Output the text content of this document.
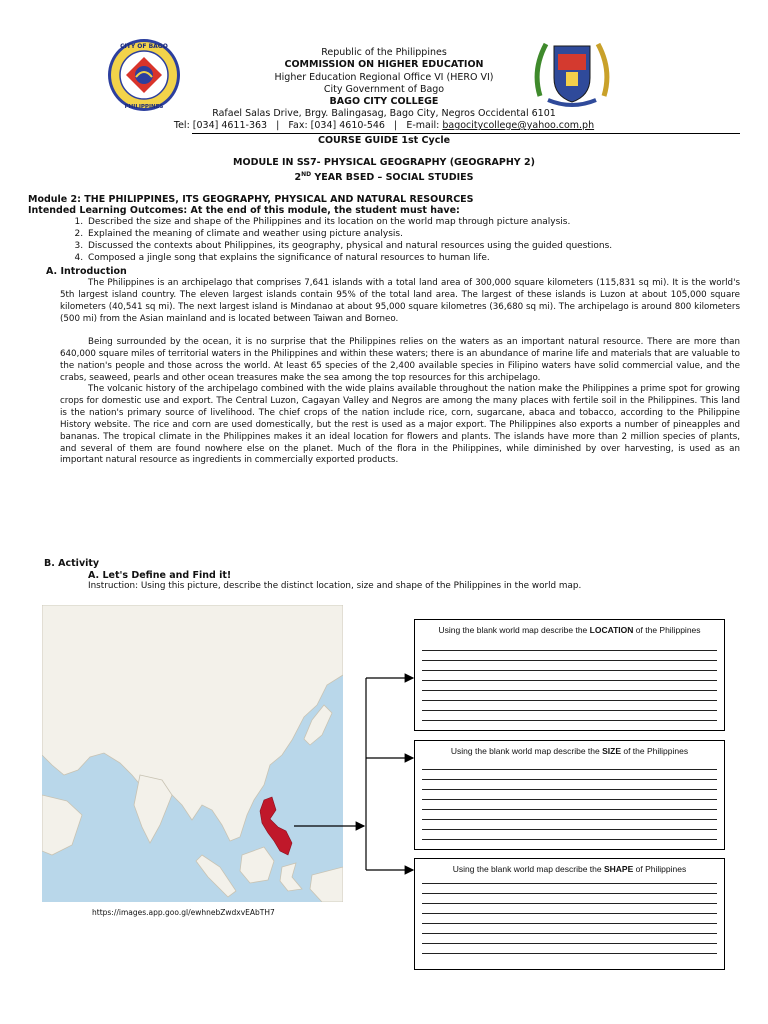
CITY OF BAGO
PHILIPPINES
Republic of the Philippines
COMMISSION ON HIGHER EDUCATION
Higher Education Regional Office VI (HERO VI)
City Government of Bago
BAGO CITY COLLEGE
Rafael Salas Drive, Brgy. Balingasag, Bago City, Negros Occidental 6101
Tel: [034] 4611-363 | Fax: [034] 4610-546 | E-mail: bagocitycollege@yahoo.com.ph
COURSE GUIDE 1st Cycle
MODULE IN SS7- PHYSICAL GEOGRAPHY (GEOGRAPHY 2)
2ND YEAR BSED – SOCIAL STUDIES
Module 2: THE PHILIPPINES, ITS GEOGRAPHY, PHYSICAL AND NATURAL RESOURCES
Intended Learning Outcomes: At the end of this module, the student must have:
1. Described the size and shape of the Philippines and its location on the world map through picture analysis.
2. Explained the meaning of climate and weather using picture analysis.
3. Discussed the contexts about Philippines, its geography, physical and natural resources using the guided questions.
4. Composed a jingle song that explains the significance of natural resources to human life.
A. Introduction

The Philippines is an archipelago that comprises 7,641 islands with a total land area of 300,000 square kilometers (115,831 sq mi). It is the world's 5th largest island country. The eleven largest islands contain 95% of the total land area. The largest of these islands is Luzon at about 105,000 square kilometers (40,541 sq mi). The next largest island is Mindanao at about 95,000 square kilometres (36,680 sq mi). The archipelago is around 800 kilometers (500 mi) from the Asian mainland and is located between Taiwan and Borneo.

Being surrounded by the ocean, it is no surprise that the Philippines relies on the waters as an important natural resource. There are more than 640,000 square miles of territorial waters in the Philippines and within these waters; there is an abundance of marine life and materials that are valuable to the nation's people and those across the world. At least 65 species of the 2,400 available species in Filipino waters have solid commercial value, and the crabs, seaweed, pearls and other ocean treasures make the sea among the top resources for this archipelago.

The volcanic history of the archipelago combined with the wide plains available throughout the nation make the Philippines a prime spot for growing crops for domestic use and export. The Central Luzon, Cagayan Valley and Negros are among the many places with fertile soil in the Philippines. This land is the nation's primary source of livelihood. The chief crops of the nation include rice, corn, sugarcane, abaca and tobacco, according to the Philippine History website. The rice and corn are used domestically, but the rest is used as a major export. The Philippines also exports a number of pineapples and bananas. The tropical climate in the Philippines makes it an ideal location for flowers and plants. The islands have more than 2 million species of plants, and several of them are found nowhere else on the planet. Much of the flora in the Philippines, while diminished by over harvesting, is used as an important natural resource as ingredients in commercially exported products.

B. Activity
A. Let's Define and Find it!
Instruction: Using this picture, describe the distinct location, size and shape of the Philippines in the world map.
https://images.app.goo.gl/ewhnebZwdxvEAbTH7
Using the blank world map describe the LOCATION of the Philippines
Using the blank world map describe the SIZE of the Philippines
Using the blank world map describe the SHAPE of Philippines
